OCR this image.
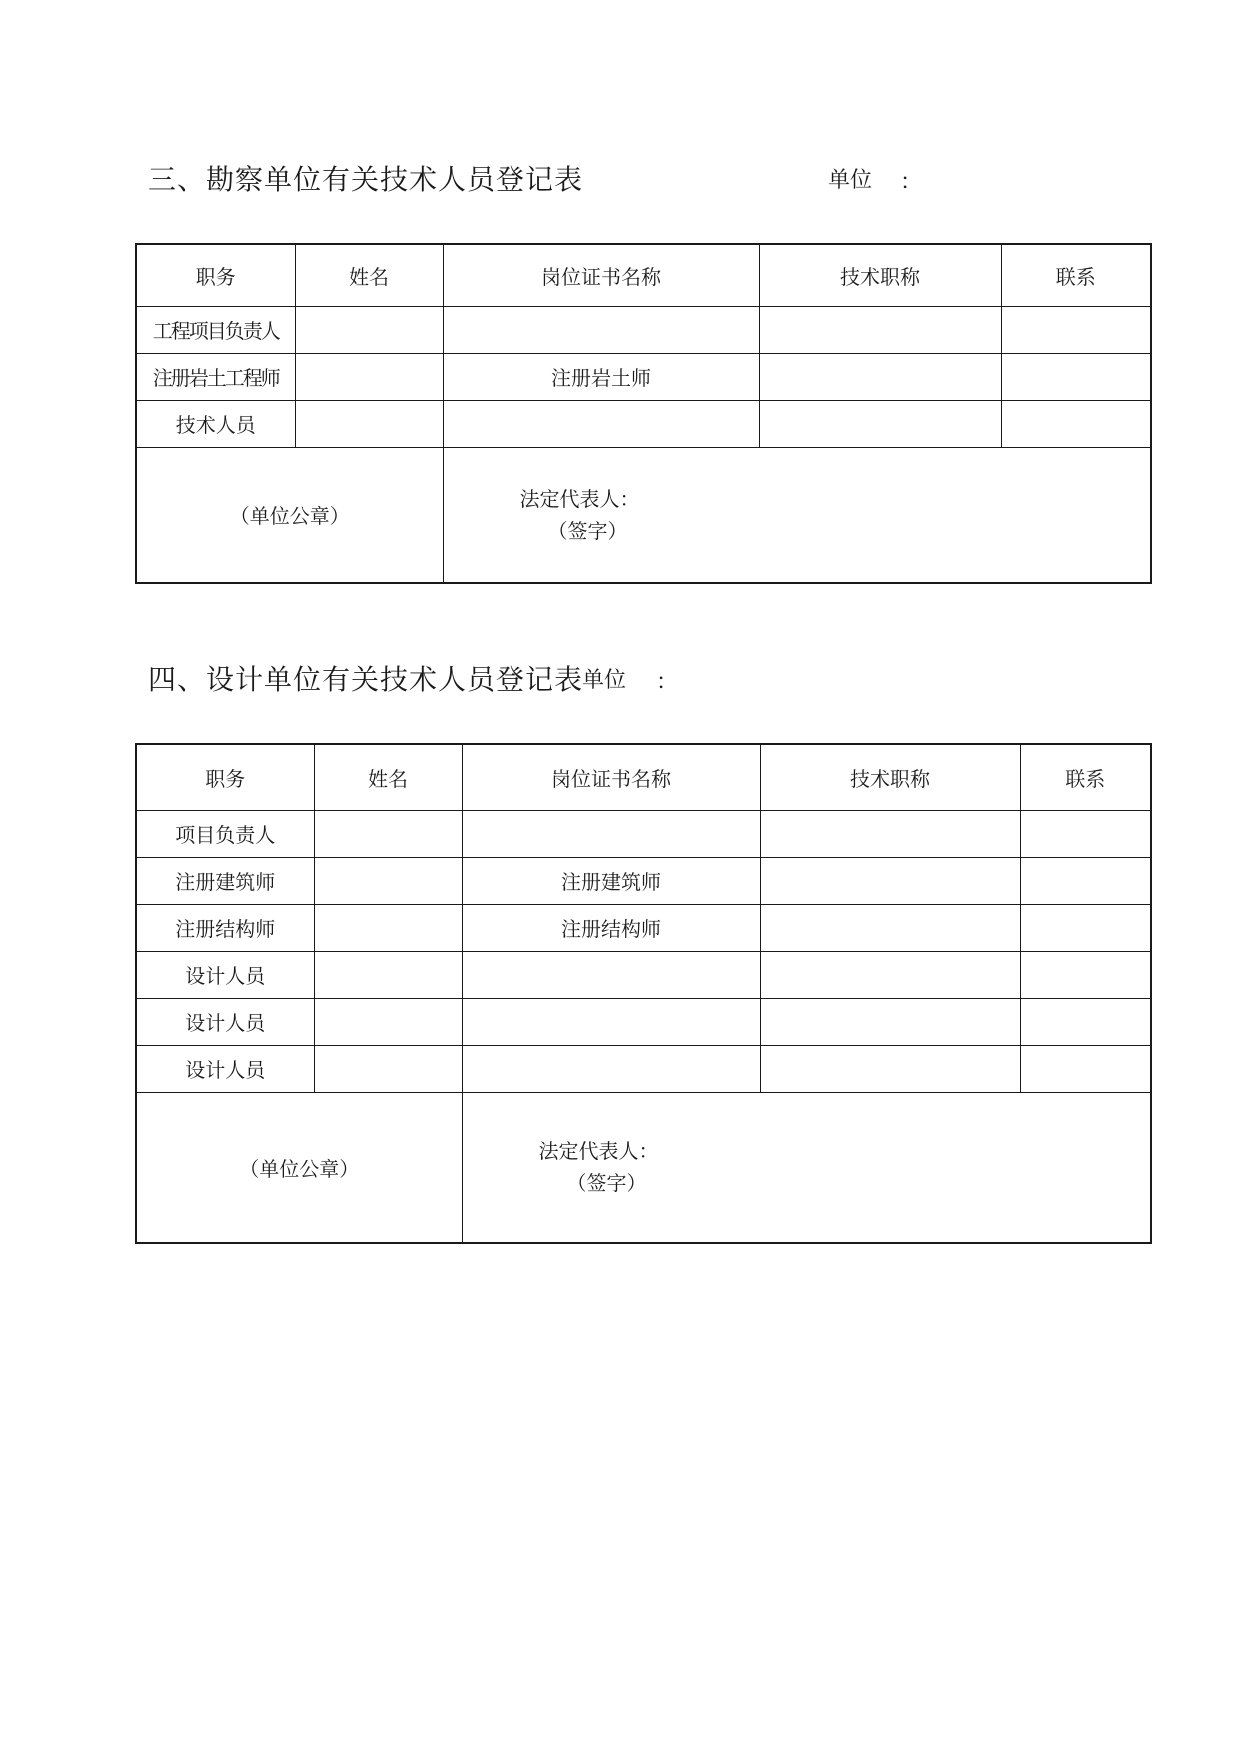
三、勘察单位有关技术人员登记表	单位 ：
职务	姓名	岗位证书名称	技术职称	联系
工程项目负责人				
注册岩土工程师		注册岩土师		
技术人员				

（单位公章）		法定代表人：
（签字）		
四、设计单位有关技术人员登记表
单位 ：
职务	姓名	岗位证书名称	技术职称	联系
项目负责人				
注册建筑师		注册建筑师		
注册结构师		注册结构师		
设计人员				
设计人员				
设计人员				

（单位公章）		法定代表人：
（签字）		
